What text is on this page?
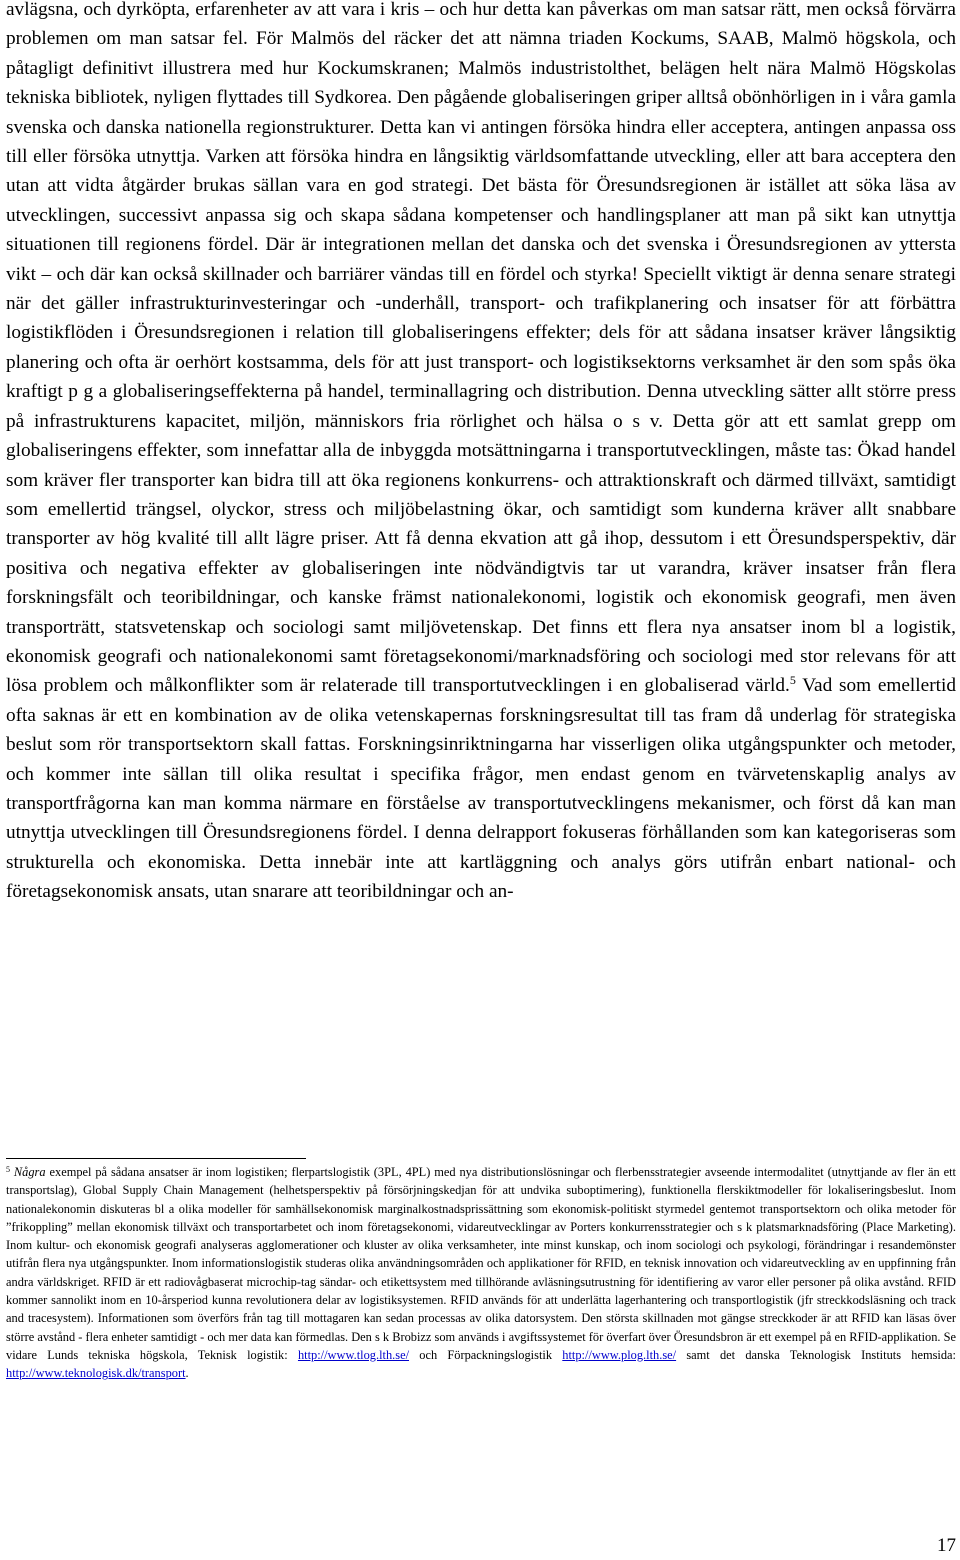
avlägsna, och dyrköpta, erfarenheter av att vara i kris – och hur detta kan påverkas om man satsar rätt, men också förvärra problemen om man satsar fel. För Malmös del räcker det att nämna triaden Kockums, SAAB, Malmö högskola, och påtagligt definitivt illustrera med hur Kockumskranen; Malmös industristolthet, belägen helt nära Malmö Högskolas tekniska bibliotek, nyligen flyttades till Sydkorea. Den pågående globaliseringen griper alltså obönhörligen in i våra gamla svenska och danska nationella regionstrukturer. Detta kan vi antingen försöka hindra eller acceptera, antingen anpassa oss till eller försöka utnyttja. Varken att försöka hindra en långsiktig världsomfattande utveckling, eller att bara acceptera den utan att vidta åtgärder brukas sällan vara en god strategi. Det bästa för Öresundsregionen är istället att söka läsa av utvecklingen, successivt anpassa sig och skapa sådana kompetenser och handlingsplaner att man på sikt kan utnyttja situationen till regionens fördel. Där är integrationen mellan det danska och det svenska i Öresundsregionen av yttersta vikt – och där kan också skillnader och barriärer vändas till en fördel och styrka! Speciellt viktigt är denna senare strategi när det gäller infrastrukturinvesteringar och -underhåll, transport- och trafikplanering och insatser för att förbättra logistikflöden i Öresundsregionen i relation till globaliseringens effekter; dels för att sådana insatser kräver långsiktig planering och ofta är oerhört kostsamma, dels för att just transport- och logistiksektorns verksamhet är den som spås öka kraftigt p g a globaliseringseffekterna på handel, terminallagring och distribution. Denna utveckling sätter allt större press på infrastrukturens kapacitet, miljön, människors fria rörlighet och hälsa o s v. Detta gör att ett samlat grepp om globaliseringens effekter, som innefattar alla de inbyggda motsättningarna i transportutvecklingen, måste tas: Ökad handel som kräver fler transporter kan bidra till att öka regionens konkurrens- och attraktionskraft och därmed tillväxt, samtidigt som emellertid trängsel, olyckor, stress och miljöbelastning ökar, och samtidigt som kunderna kräver allt snabbare transporter av hög kvalité till allt lägre priser. Att få denna ekvation att gå ihop, dessutom i ett Öresundsperspektiv, där positiva och negativa effekter av globaliseringen inte nödvändigtvis tar ut varandra, kräver insatser från flera forskningsfält och teoribildningar, och kanske främst nationalekonomi, logistik och ekonomisk geografi, men även transporträtt, statsvetenskap och sociologi samt miljövetenskap. Det finns ett flera nya ansatser inom bl a logistik, ekonomisk geografi och nationalekonomi samt företagsekonomi/marknadsföring och sociologi med stor relevans för att lösa problem och målkonflikter som är relaterade till transportutvecklingen i en globaliserad värld.$^5$ Vad som emellertid ofta saknas är ett en kombination av de olika vetenskapernas forskningsresultat till tas fram då underlag för strategiska beslut som rör transportsektorn skall fattas. Forskningsinriktningarna har visserligen olika utgångspunkter och metoder, och kommer inte sällan till olika resultat i specifika frågor, men endast genom en tvärvetenskaplig analys av transportfrågorna kan man komma närmare en förståelse av transportutvecklingens mekanismer, och först då kan man utnyttja utvecklingen till Öresundsregionens fördel. I denna delrapport fokuseras förhållanden som kan kategoriseras som strukturella och ekonomiska. Detta innebär inte att kartläggning och analys görs utifrån enbart national- och företagsekonomisk ansats, utan snarare att teoribildningar och an-

$^5$ Några exempel på sådana ansatser är inom logistiken; flerpartslogistik (3PL, 4PL) med nya distributionslösningar och flerbensstrategier avseende intermodalitet (utnyttjande av fler än ett transportslag), Global Supply Chain Management (helhetsperspektiv på försörjningskedjan för att undvika suboptimering), funktionella flerskiktmodeller för lokaliseringsbeslut. Inom nationalekonomin diskuteras bl a olika modeller för samhällsekonomisk marginalkostnadsprissättning som ekonomisk-politiskt styrmedel gentemot transportsektorn och olika metoder för ”frikoppling” mellan ekonomisk tillväxt och transportarbetet och inom företagsekonomi, vidareutvecklingar av Porters konkurrensstrategier och s k platsmarknadsföring (Place Marketing). Inom kultur- och ekonomisk geografi analyseras agglomerationer och kluster av olika verksamheter, inte minst kunskap, och inom sociologi och psykologi, förändringar i resandemönster utifrån flera nya utgångspunkter. Inom informationslogistik studeras olika användningsområden och applikationer för RFID, en teknisk innovation och vidareutveckling av en uppfinning från andra världskriget. RFID är ett radiovågbaserat microchip-tag sändar- och etikettsystem med tillhörande avläsningsutrustning för identifiering av varor eller personer på olika avstånd. RFID kommer sannolikt inom en 10-årsperiod kunna revolutionera delar av logistiksystemen. RFID används för att underlätta lagerhantering och transportlogistik (jfr streckkodsläsning och track and tracesystem). Informationen som överförs från tag till mottagaren kan sedan processas av olika datorsystem. Den största skillnaden mot gängse streckkoder är att RFID kan läsas över större avstånd - flera enheter samtidigt - och mer data kan förmedlas. Den s k Brobizz som används i avgiftssystemet för överfart över Öresundsbron är ett exempel på en RFID-applikation. Se vidare Lunds tekniska högskola, Teknisk logistik: http://www.tlog.lth.se/ och Förpackningslogistik http://www.plog.lth.se/ samt det danska Teknologisk Instituts hemsida: http://www.teknologisk.dk/transport.

17
